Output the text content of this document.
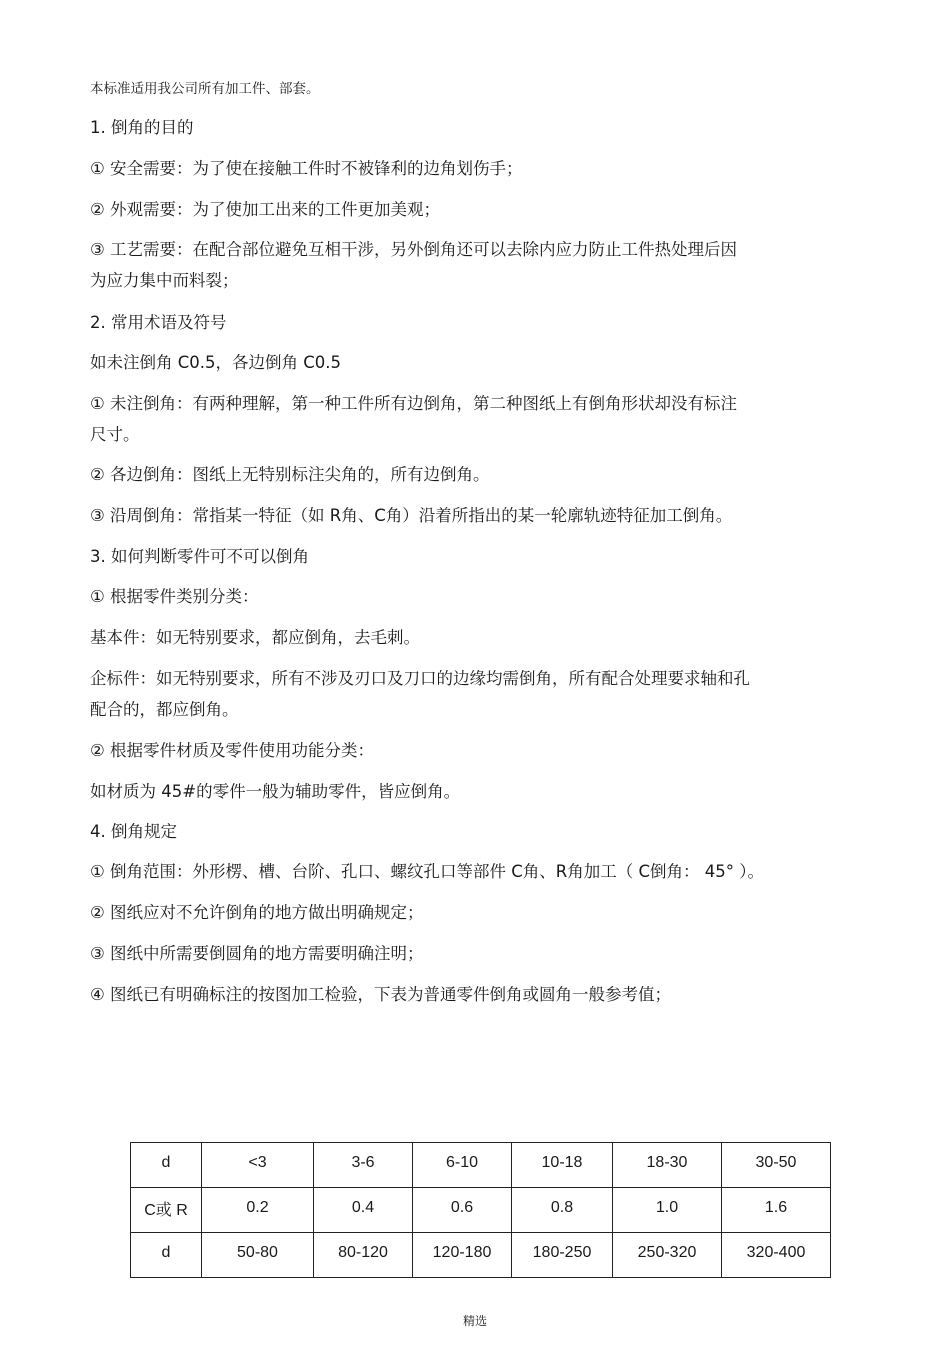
本标准适用我公司所有加工件、部套。
1. 倒角的目的
① 安全需要：为了使在接触工件时不被锋利的边角划伤手；
② 外观需要：为了使加工出来的工件更加美观；
③ 工艺需要：在配合部位避免互相干涉，另外倒角还可以去除内应力防止工件热处理后因
为应力集中而料裂；
2. 常用术语及符号
如未注倒角 C0.5，各边倒角 C0.5
① 未注倒角：有两种理解，第一种工件所有边倒角，第二种图纸上有倒角形状却没有标注
尺寸。
② 各边倒角：图纸上无特别标注尖角的，所有边倒角。
③ 沿周倒角：常指某一特征（如 R角、C角）沿着所指出的某一轮廓轨迹特征加工倒角。
3. 如何判断零件可不可以倒角
① 根据零件类别分类：
基本件：如无特别要求，都应倒角，去毛刺。
企标件：如无特别要求，所有不涉及刃口及刀口的边缘均需倒角，所有配合处理要求轴和孔
配合的，都应倒角。
② 根据零件材质及零件使用功能分类：
如材质为 45#的零件一般为辅助零件，皆应倒角。
4. 倒角规定
① 倒角范围：外形楞、槽、台阶、孔口、螺纹孔口等部件 C角、R角加工（ C倒角： 45° ）。
② 图纸应对不允许倒角的地方做出明确规定；
③ 图纸中所需要倒圆角的地方需要明确注明；
④ 图纸已有明确标注的按图加工检验，下表为普通零件倒角或圆角一般参考值；
d	<3	3-6	6-10	10-18	18-30	30-50
C或 R	0.2	0.4	0.6	0.8	1.0	1.6
d	50-80	80-120	120-180	180-250	250-320	320-400
精选
